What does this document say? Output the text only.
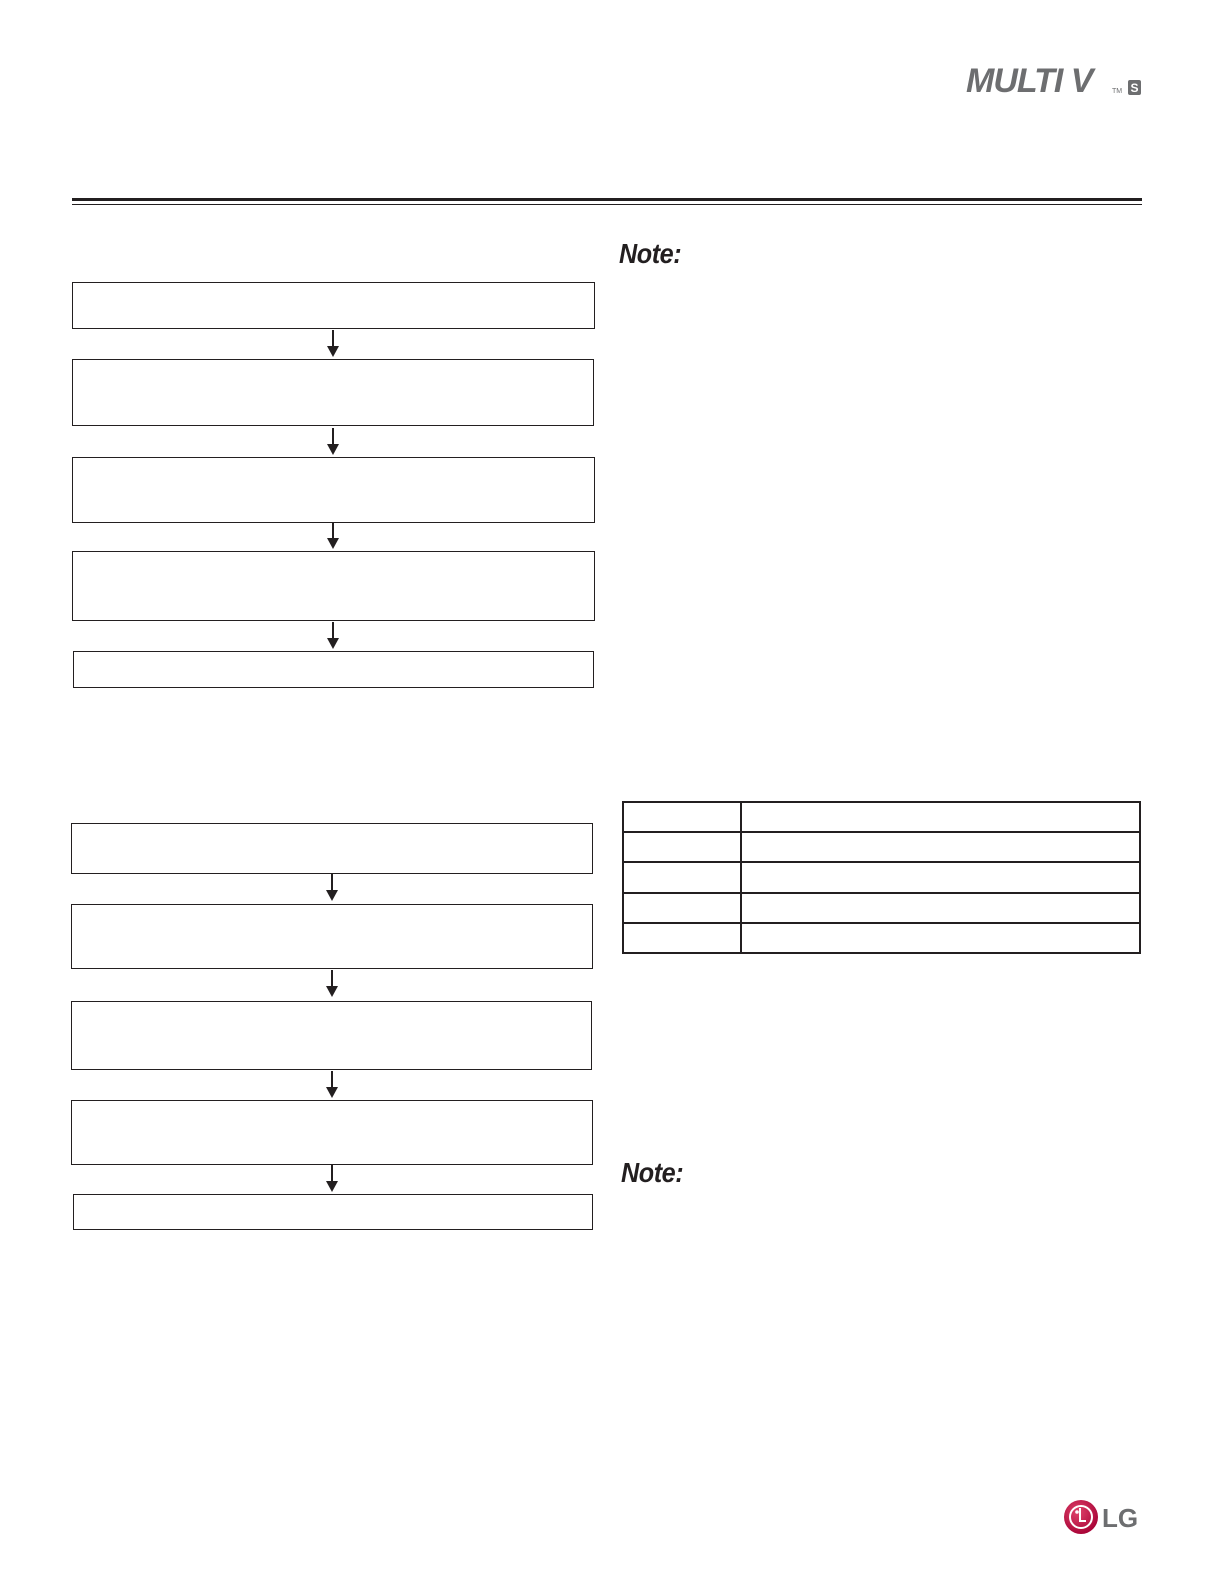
MULTI V	TM S
Note:
Note:

LG
